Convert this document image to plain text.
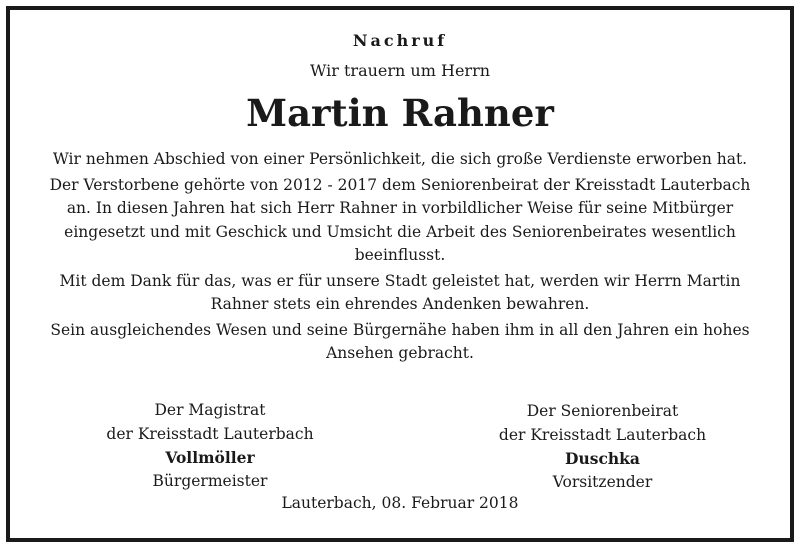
Nachruf
Wir trauern um Herrn
Martin Rahner

Wir nehmen Abschied von einer Persönlichkeit, die sich große Verdienste erworben hat.

Der Verstorbene gehörte von 2012 - 2017 dem Seniorenbeirat der Kreisstadt Lauterbach an. In diesen Jahren hat sich Herr Rahner in vorbildlicher Weise für seine Mitbürger eingesetzt und mit Geschick und Umsicht die Arbeit des Seniorenbeirates wesentlich beeinflusst.

Mit dem Dank für das, was er für unsere Stadt geleistet hat, werden wir Herrn Martin Rahner stets ein ehrendes Andenken bewahren.

Sein ausgleichendes Wesen und seine Bürgernähe haben ihm in all den Jahren ein hohes Ansehen gebracht.

Der Magistrat
der Kreisstadt Lauterbach
Vollmöller
Bürgermeister
Der Seniorenbeirat
der Kreisstadt Lauterbach
Duschka
Vorsitzender
Lauterbach, 08. Februar 2018
